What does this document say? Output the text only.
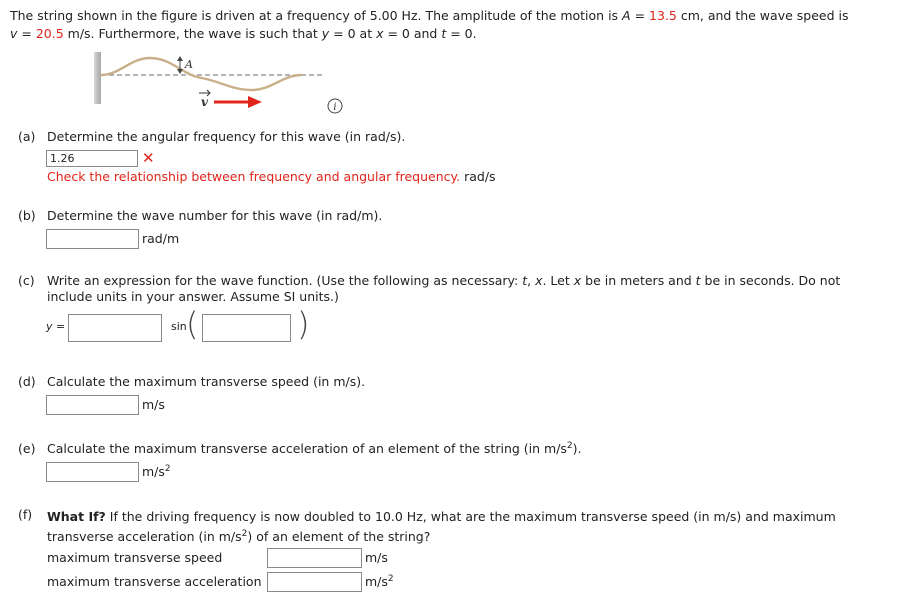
The string shown in the figure is driven at a frequency of 5.00 Hz. The amplitude of the motion is A = 13.5 cm, and the wave speed is
v = 20.5 m/s. Furthermore, the wave is such that y = 0 at x = 0 and t = 0.
A
v	i
(a) Determine the angular frequency for this wave (in rad/s).
1.26
✕
Check the relationship between frequency and angular frequency. rad/s
(b) Determine the wave number for this wave (in rad/m).
rad/m
(c) Write an expression for the wave function. (Use the following as necessary: t, x. Let x be in meters and t be in seconds. Do not include units in your answer. Assume SI units.)
y =	sin (	)
(d) Calculate the maximum transverse speed (in m/s).
m/s
(e) Calculate the maximum transverse acceleration of an element of the string (in $m/s^2$).
$m/s^2$
(f) What If? If the driving frequency is now doubled to 10.0 Hz, what are the maximum transverse speed (in m/s) and maximum transverse acceleration (in $m/s^2$) of an element of the string?
maximum transverse speed	m/s
maximum transverse acceleration	$m/s^2$
